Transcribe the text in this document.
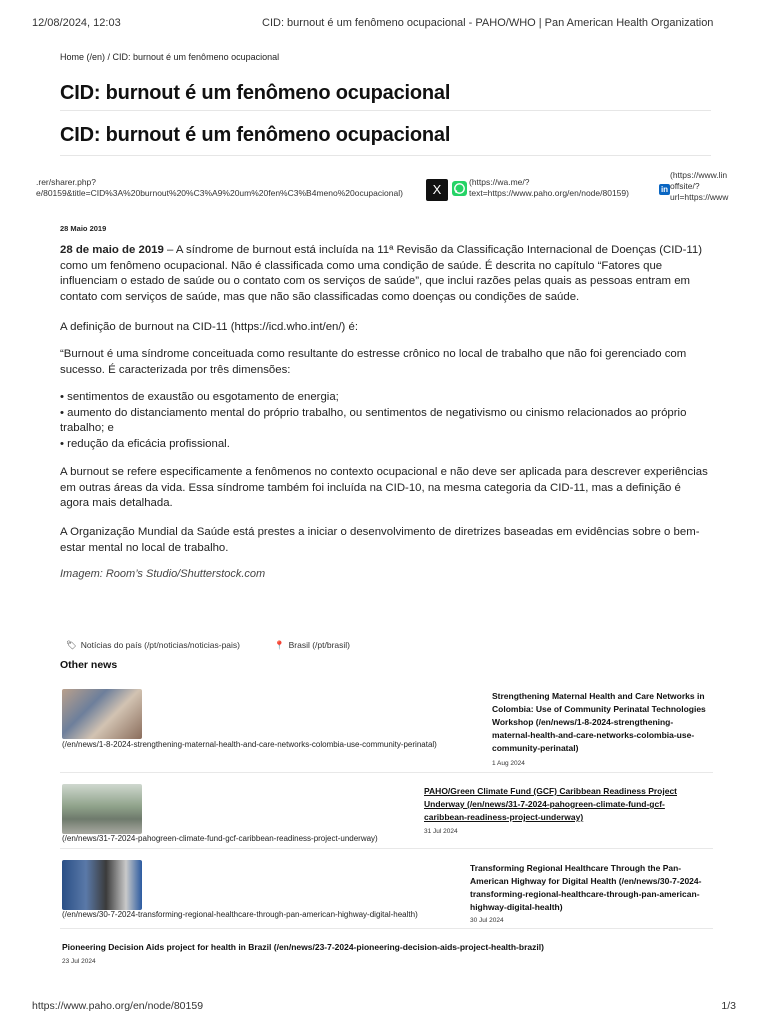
12/08/2024, 12:03	CID: burnout é um fenômeno ocupacional - PAHO/WHO | Pan American Health Organization
Home (/en) / CID: burnout é um fenômeno ocupacional
CID: burnout é um fenômeno ocupacional
CID: burnout é um fenômeno ocupacional
.rer/sharer.php?
e/80159&title=CID%3A%20burnout%20%C3%A9%20um%20fen%C3%B4meno%20ocupacional)	X	(https://wa.me/?
text=https://www.paho.org/en/node/80159)	in
(https://www.lin
offsite/?
url=https://www
28 Maio 2019

28 de maio de 2019 – A síndrome de burnout está incluída na 11ª Revisão da Classificação Internacional de Doenças (CID-11) como um fenômeno ocupacional. Não é classificada como uma condição de saúde. É descrita no capítulo “Fatores que influenciam o estado de saúde ou o contato com os serviços de saúde”, que inclui razões pelas quais as pessoas entram em contato com serviços de saúde, mas que não são classificadas como doenças ou condições de saúde.

A definição de burnout na CID-11 (https://icd.who.int/en/) é:
“Burnout é uma síndrome conceituada como resultante do estresse crônico no local de trabalho que não foi gerenciado com sucesso. É caracterizada por três dimensões:

• sentimentos de exaustão ou esgotamento de energia;

• aumento do distanciamento mental do próprio trabalho, ou sentimentos de negativismo ou cinismo relacionados ao próprio trabalho; e

• redução da eficácia profissional.

A burnout se refere especificamente a fenômenos no contexto ocupacional e não deve ser aplicada para descrever experiências em outras áreas da vida. Essa síndrome também foi incluída na CID-10, na mesma categoria da CID-11, mas a definição é agora mais detalhada.
A Organização Mundial da Saúde está prestes a iniciar o desenvolvimento de diretrizes baseadas em evidências sobre o bem-estar mental no local de trabalho.
Imagem: Room’s Studio/Shutterstock.com
🏷 Notícias do país (/pt/noticias/noticias-pais)	📍 Brasil (/pt/brasil)
Other news
(/en/news/1-8-2024-strengthening-maternal-health-and-care-networks-colombia-use-community-perinatal)
Strengthening Maternal Health and Care Networks in Colombia: Use of Community Perinatal Technologies Workshop (/en/news/1-8-2024-strengthening-maternal-health-and-care-networks-colombia-use-community-perinatal)
1 Aug 2024
(/en/news/31-7-2024-pahogreen-climate-fund-gcf-caribbean-readiness-project-underway)
PAHO/Green Climate Fund (GCF) Caribbean Readiness Project Underway (/en/news/31-7-2024-pahogreen-climate-fund-gcf-caribbean-readiness-project-underway)
31 Jul 2024
(/en/news/30-7-2024-transforming-regional-healthcare-through-pan-american-highway-digital-health)
Transforming Regional Healthcare Through the Pan-American Highway for Digital Health (/en/news/30-7-2024-transforming-regional-healthcare-through-pan-american-highway-digital-health)
30 Jul 2024
Pioneering Decision Aids project for health in Brazil (/en/news/23-7-2024-pioneering-decision-aids-project-health-brazil)
23 Jul 2024
https://www.paho.org/en/node/80159	1/3
